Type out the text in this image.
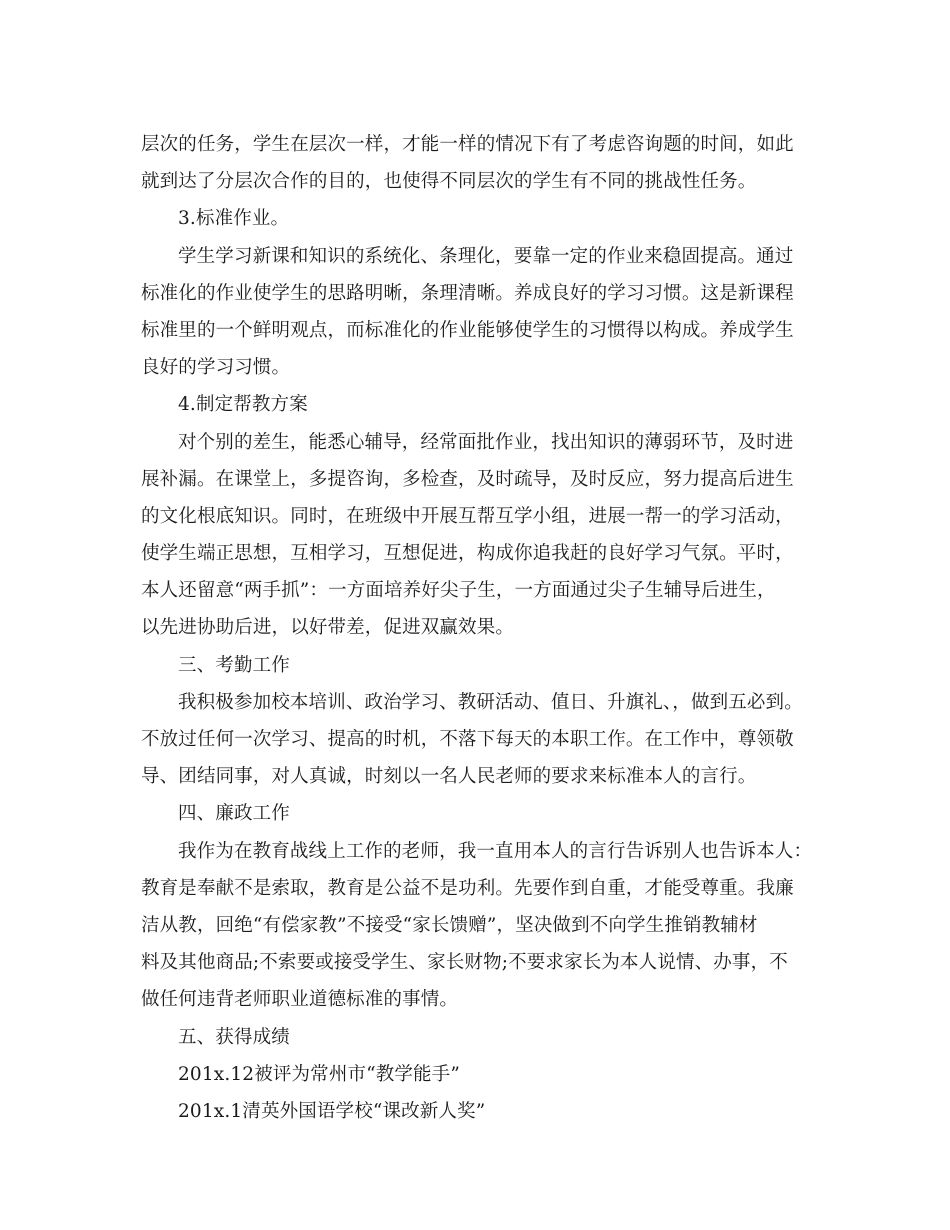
层次的任务，学生在层次一样，才能一样的情况下有了考虑咨询题的时间，如此
就到达了分层次合作的目的，也使得不同层次的学生有不同的挑战性任务。
3.标准作业。
学生学习新课和知识的系统化、条理化，要靠一定的作业来稳固提高。通过
标准化的作业使学生的思路明晰，条理清晰。养成良好的学习习惯。这是新课程
标准里的一个鲜明观点，而标准化的作业能够使学生的习惯得以构成。养成学生
良好的学习习惯。
4.制定帮教方案
对个别的差生，能悉心辅导，经常面批作业，找出知识的薄弱环节，及时进
展补漏。在课堂上，多提咨询，多检查，及时疏导，及时反应，努力提高后进生
的文化根底知识。同时，在班级中开展互帮互学小组，进展一帮一的学习活动，
使学生端正思想，互相学习，互想促进，构成你追我赶的良好学习气氛。平时，
本人还留意“两手抓”：一方面培养好尖子生，一方面通过尖子生辅导后进生，
以先进协助后进，以好带差，促进双赢效果。
三、考勤工作
我积极参加校本培训、政治学习、教研活动、值日、升旗礼、，做到五必到。
不放过任何一次学习、提高的时机，不落下每天的本职工作。在工作中，尊领敬
导、团结同事，对人真诚，时刻以一名人民老师的要求来标准本人的言行。
四、廉政工作
我作为在教育战线上工作的老师，我一直用本人的言行告诉别人也告诉本人：
教育是奉献不是索取，教育是公益不是功利。先要作到自重，才能受尊重。我廉
洁从教，回绝“有偿家教”不接受“家长馈赠”，坚决做到不向学生推销教辅材
料及其他商品;不索要或接受学生、家长财物;不要求家长为本人说情、办事，不
做任何违背老师职业道德标准的事情。
五、获得成绩
201x.12被评为常州市“教学能手”
201x.1清英外国语学校“课改新人奖”
